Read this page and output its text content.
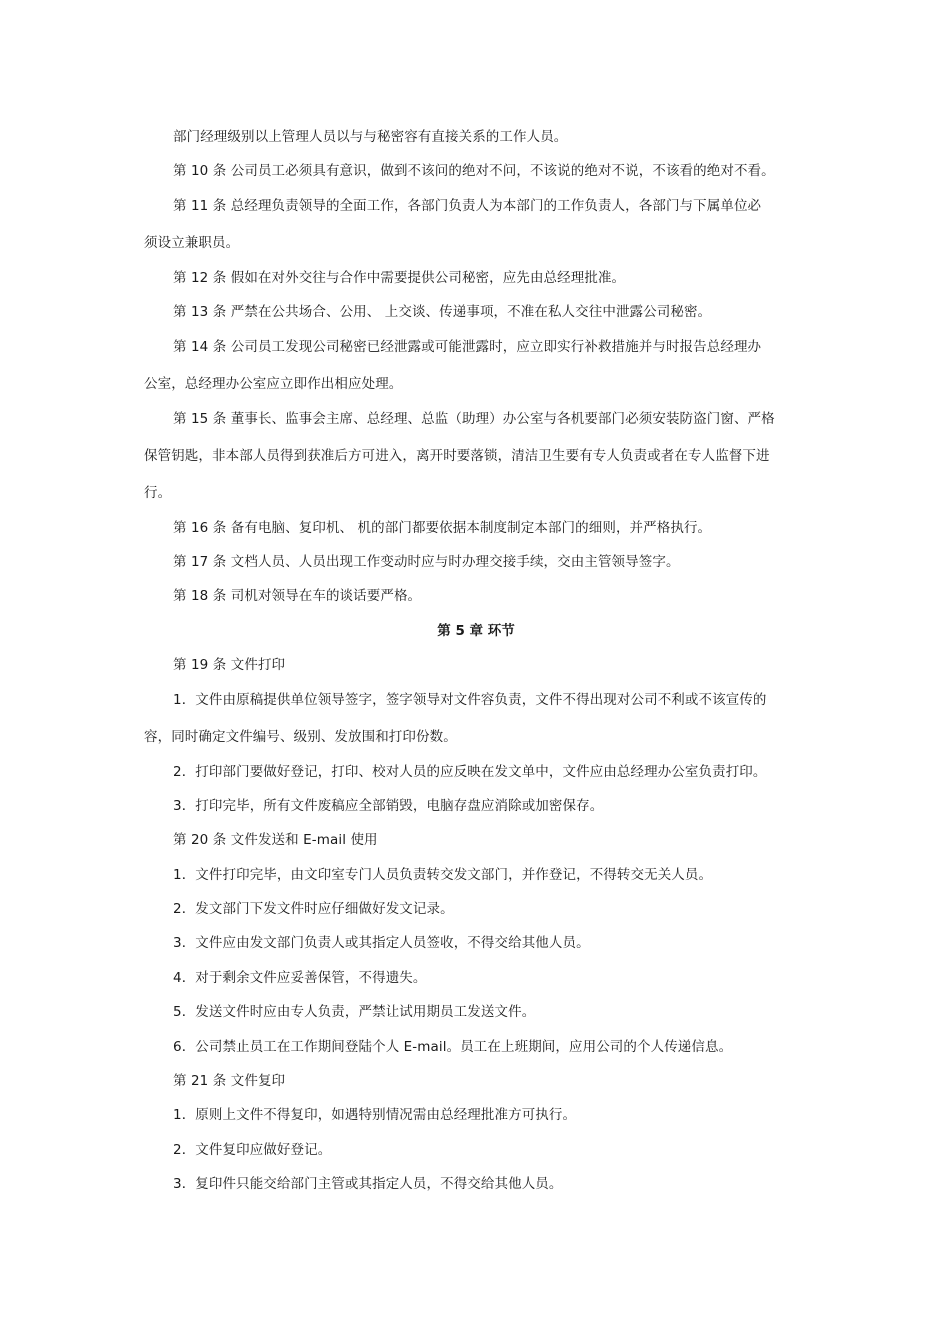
部门经理级别以上管理人员以与与秘密容有直接关系的工作人员。
第 10 条 公司员工必须具有意识，做到不该问的绝对不问，不该说的绝对不说，不该看的绝对不看。
第 11 条 总经理负责领导的全面工作，各部门负责人为本部门的工作负责人，各部门与下属单位必
须设立兼职员。
第 12 条 假如在对外交往与合作中需要提供公司秘密，应先由总经理批准。
第 13 条 严禁在公共场合、公用、 上交谈、传递事项，不准在私人交往中泄露公司秘密。
第 14 条 公司员工发现公司秘密已经泄露或可能泄露时，应立即实行补救措施并与时报告总经理办
公室，总经理办公室应立即作出相应处理。
第 15 条 董事长、监事会主席、总经理、总监（助理）办公室与各机要部门必须安装防盗门窗、严格
保管钥匙，非本部人员得到获准后方可进入，离开时要落锁，清洁卫生要有专人负责或者在专人监督下进
行。
第 16 条 备有电脑、复印机、 机的部门都要依据本制度制定本部门的细则，并严格执行。
第 17 条 文档人员、人员出现工作变动时应与时办理交接手续，交由主管领导签字。
第 18 条 司机对领导在车的谈话要严格。
第 5 章 环节
第 19 条 文件打印
1．文件由原稿提供单位领导签字，签字领导对文件容负责，文件不得出现对公司不利或不该宣传的
容，同时确定文件编号、级别、发放围和打印份数。
2．打印部门要做好登记，打印、校对人员的应反映在发文单中，文件应由总经理办公室负责打印。
3．打印完毕，所有文件废稿应全部销毁，电脑存盘应消除或加密保存。
第 20 条 文件发送和 E-mail 使用
1．文件打印完毕，由文印室专门人员负责转交发文部门，并作登记，不得转交无关人员。
2．发文部门下发文件时应仔细做好发文记录。
3．文件应由发文部门负责人或其指定人员签收，不得交给其他人员。
4．对于剩余文件应妥善保管，不得遗失。
5．发送文件时应由专人负责，严禁让试用期员工发送文件。
6．公司禁止员工在工作期间登陆个人 E-mail。员工在上班期间，应用公司的个人传递信息。
第 21 条 文件复印
1．原则上文件不得复印，如遇特别情况需由总经理批准方可执行。
2．文件复印应做好登记。
3．复印件只能交给部门主管或其指定人员，不得交给其他人员。
